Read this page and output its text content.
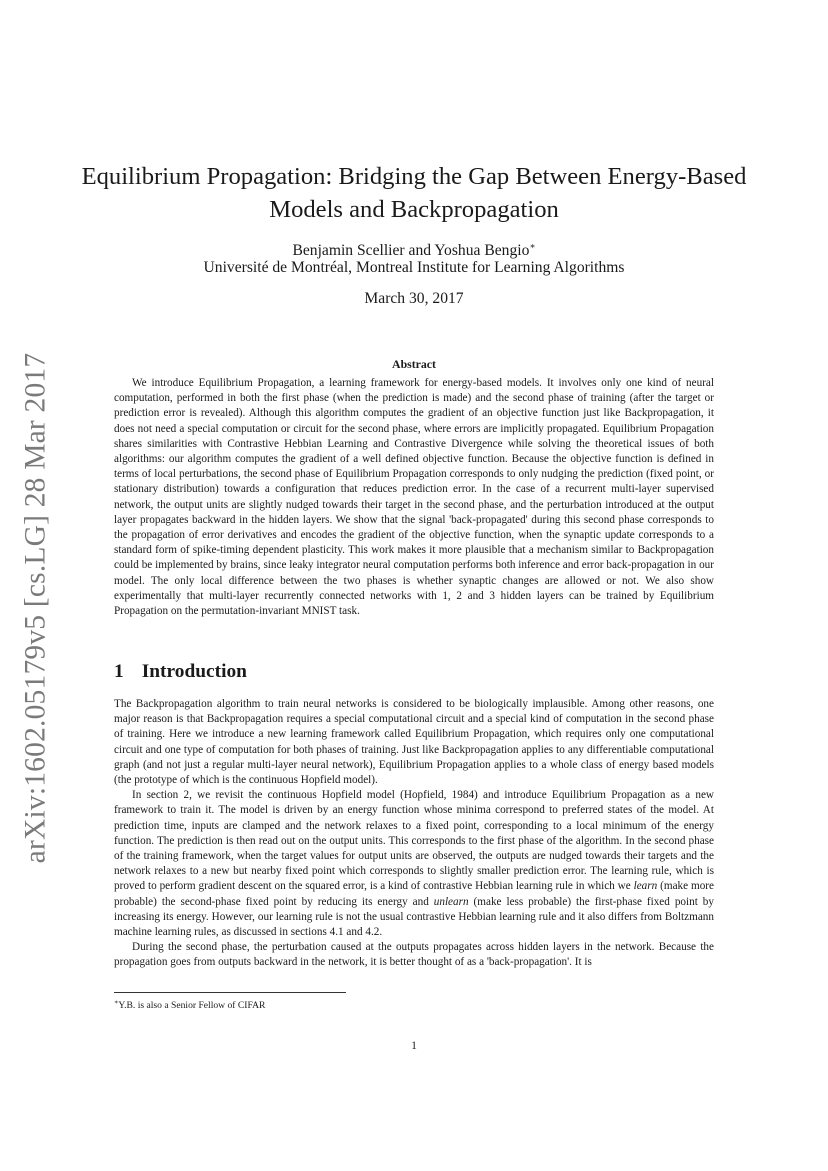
arXiv:1602.05179v5 [cs.LG] 28 Mar 2017
Equilibrium Propagation: Bridging the Gap Between Energy-Based Models and Backpropagation
Benjamin Scellier and Yoshua Bengio∗
Université de Montréal, Montreal Institute for Learning Algorithms
March 30, 2017
Abstract

We introduce Equilibrium Propagation, a learning framework for energy-based models. It involves only one kind of neural computation, performed in both the first phase (when the prediction is made) and the second phase of training (after the target or prediction error is revealed). Although this algorithm computes the gradient of an objective function just like Backpropagation, it does not need a special computation or circuit for the second phase, where errors are implicitly propagated. Equilibrium Propagation shares similarities with Contrastive Hebbian Learning and Contrastive Divergence while solving the theoretical issues of both algorithms: our algorithm computes the gradient of a well defined objective function. Because the objective function is defined in terms of local perturbations, the second phase of Equilibrium Propagation corresponds to only nudging the prediction (fixed point, or stationary distribution) towards a configuration that reduces prediction error. In the case of a recurrent multi-layer supervised network, the output units are slightly nudged towards their target in the second phase, and the perturbation introduced at the output layer propagates backward in the hidden layers. We show that the signal 'back-propagated' during this second phase corresponds to the propagation of error derivatives and encodes the gradient of the objective function, when the synaptic update corresponds to a standard form of spike-timing dependent plasticity. This work makes it more plausible that a mechanism similar to Backpropagation could be implemented by brains, since leaky integrator neural computation performs both inference and error back-propagation in our model. The only local difference between the two phases is whether synaptic changes are allowed or not. We also show experimentally that multi-layer recurrently connected networks with 1, 2 and 3 hidden layers can be trained by Equilibrium Propagation on the permutation-invariant MNIST task.

1 Introduction

The Backpropagation algorithm to train neural networks is considered to be biologically implausible. Among other reasons, one major reason is that Backpropagation requires a special computational circuit and a special kind of computation in the second phase of training. Here we introduce a new learning framework called Equilibrium Propagation, which requires only one computational circuit and one type of computation for both phases of training. Just like Backpropagation applies to any differentiable computational graph (and not just a regular multi-layer neural network), Equilibrium Propagation applies to a whole class of energy based models (the prototype of which is the continuous Hopfield model).

In section 2, we revisit the continuous Hopfield model (Hopfield, 1984) and introduce Equilibrium Propagation as a new framework to train it. The model is driven by an energy function whose minima correspond to preferred states of the model. At prediction time, inputs are clamped and the network relaxes to a fixed point, corresponding to a local minimum of the energy function. The prediction is then read out on the output units. This corresponds to the first phase of the algorithm. In the second phase of the training framework, when the target values for output units are observed, the outputs are nudged towards their targets and the network relaxes to a new but nearby fixed point which corresponds to slightly smaller prediction error. The learning rule, which is proved to perform gradient descent on the squared error, is a kind of contrastive Hebbian learning rule in which we learn (make more probable) the second-phase fixed point by reducing its energy and unlearn (make less probable) the first-phase fixed point by increasing its energy. However, our learning rule is not the usual contrastive Hebbian learning rule and it also differs from Boltzmann machine learning rules, as discussed in sections 4.1 and 4.2.

During the second phase, the perturbation caused at the outputs propagates across hidden layers in the network. Because the propagation goes from outputs backward in the network, it is better thought of as a 'back-propagation'. It is

∗Y.B. is also a Senior Fellow of CIFAR
1
